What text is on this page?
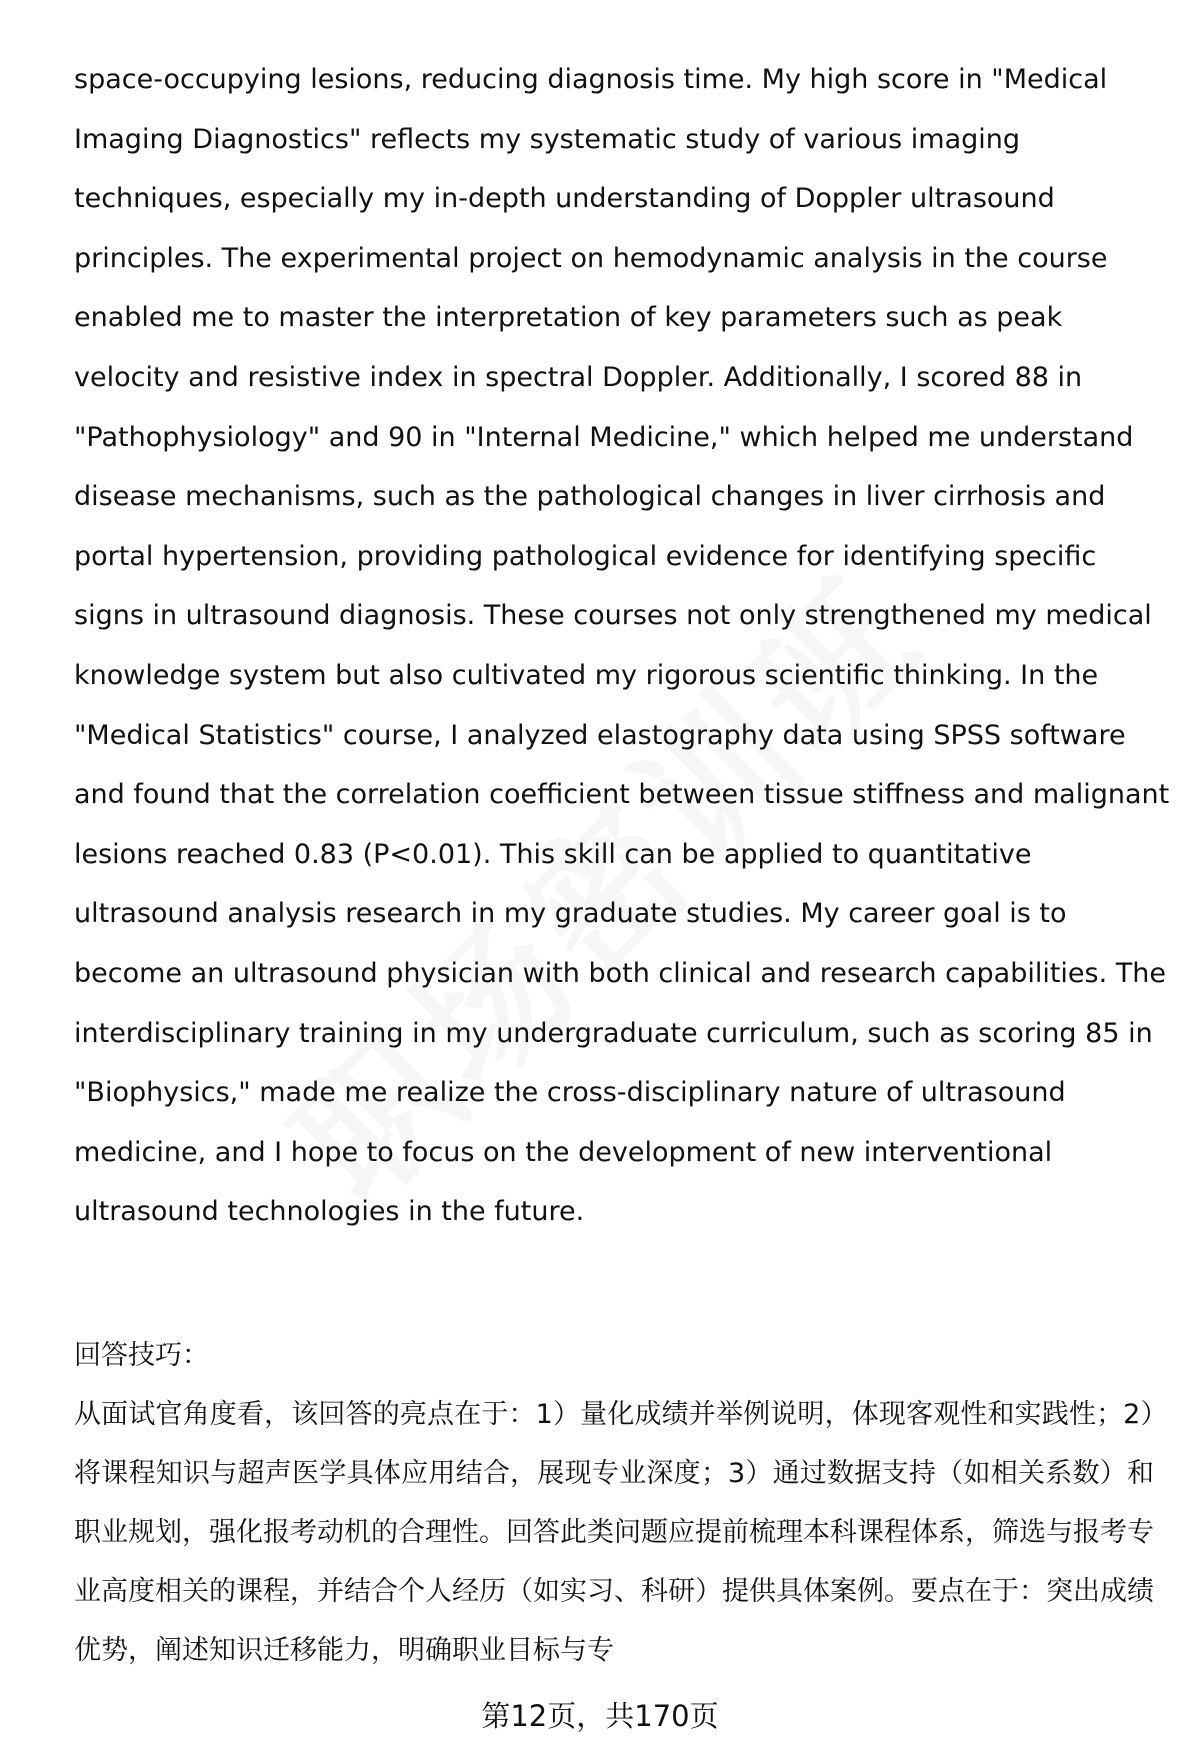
space-occupying lesions, reducing diagnosis time. My high score in "Medical Imaging Diagnostics" reflects my systematic study of various imaging techniques, especially my in-depth understanding of Doppler ultrasound principles. The experimental project on hemodynamic analysis in the course enabled me to master the interpretation of key parameters such as peak velocity and resistive index in spectral Doppler. Additionally, I scored 88 in "Pathophysiology" and 90 in "Internal Medicine," which helped me understand disease mechanisms, such as the pathological changes in liver cirrhosis and portal hypertension, providing pathological evidence for identifying specific signs in ultrasound diagnosis. These courses not only strengthened my medical knowledge system but also cultivated my rigorous scientific thinking. In the "Medical Statistics" course, I analyzed elastography data using SPSS software and found that the correlation coefficient between tissue stiffness and malignant lesions reached 0.83 (P<0.01). This skill can be applied to quantitative ultrasound analysis research in my graduate studies. My career goal is to become an ultrasound physician with both clinical and research capabilities. The interdisciplinary training in my undergraduate curriculum, such as scoring 85 in "Biophysics," made me realize the cross-disciplinary nature of ultrasound medicine, and I hope to focus on the development of new interventional ultrasound technologies in the future.

回答技巧：

从面试官角度看，该回答的亮点在于：1）量化成绩并举例说明，体现客观性和实践性；2）将课程知识与超声医学具体应用结合，展现专业深度；3）通过数据支持（如相关系数）和职业规划，强化报考动机的合理性。回答此类问题应提前梳理本科课程体系，筛选与报考专业高度相关的课程，并结合个人经历（如实习、科研）提供具体案例。要点在于：突出成绩优势，阐述知识迁移能力，明确职业目标与专

第12页，共170页
